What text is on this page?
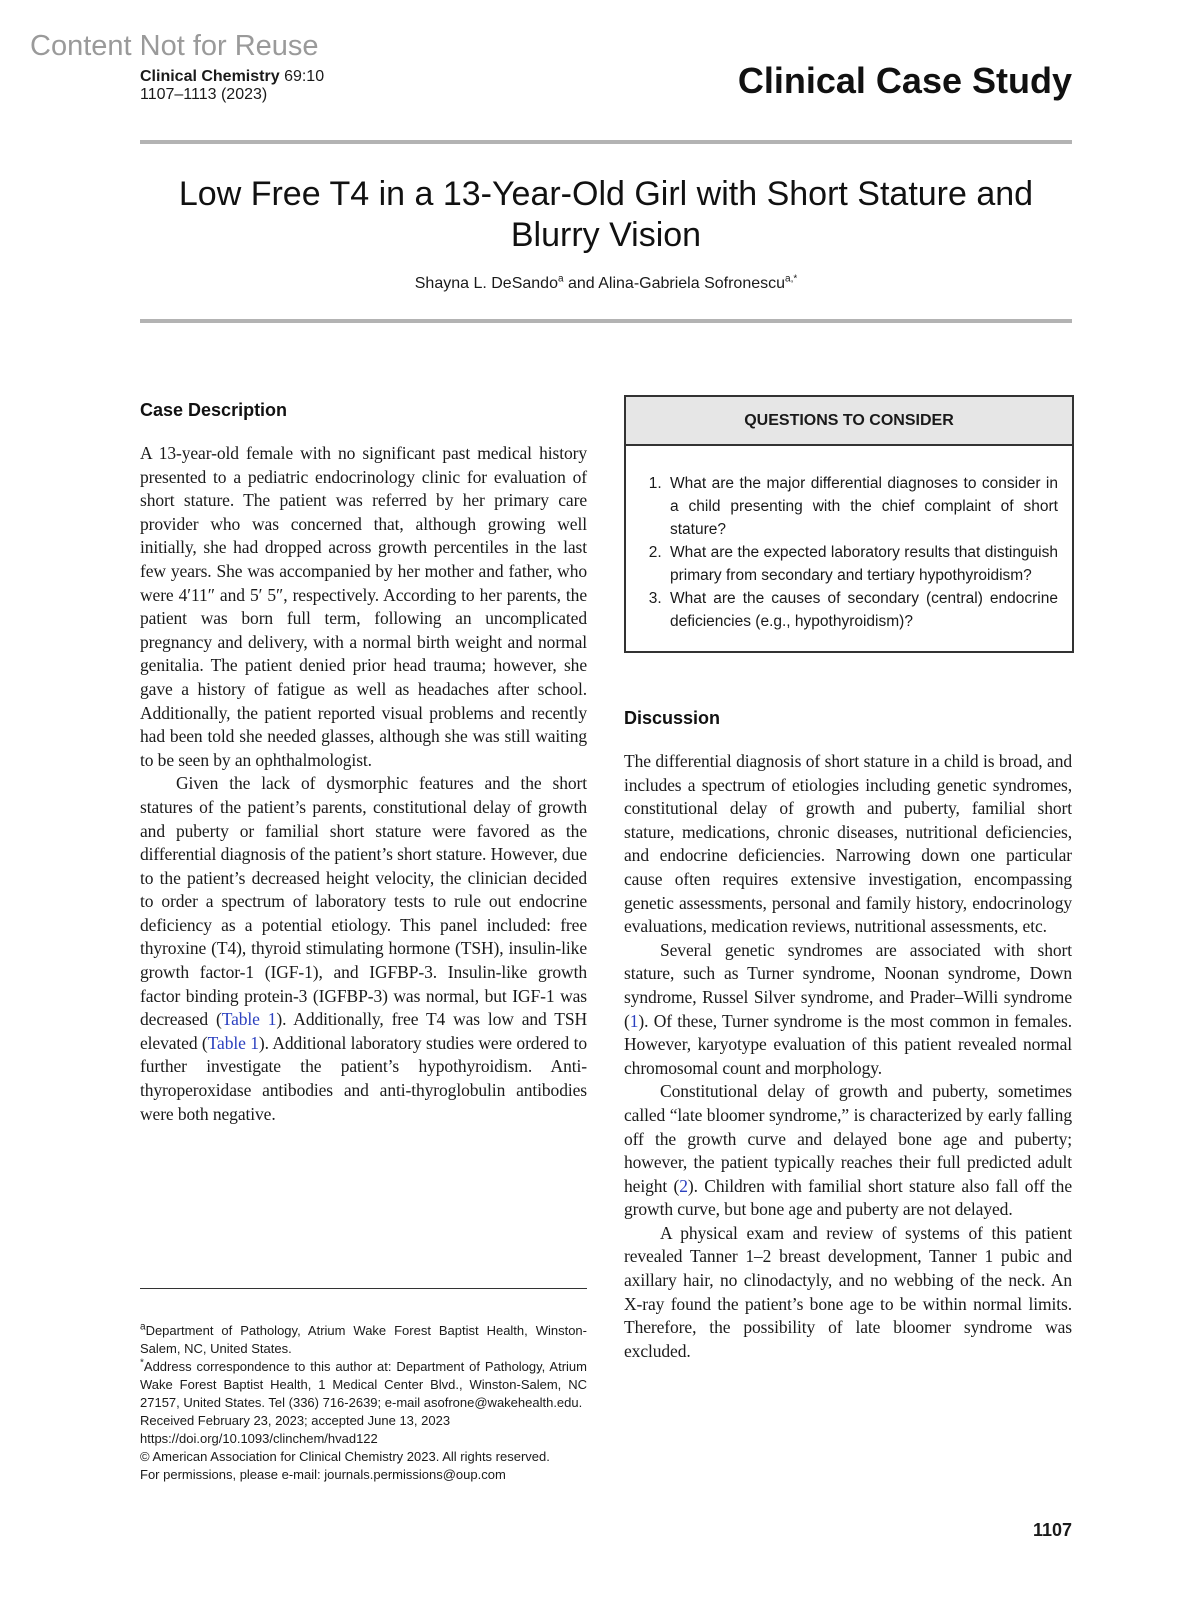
Content Not for Reuse
Clinical Chemistry 69:10
1107–1113 (2023)	Clinical Case Study
Low Free T4 in a 13-Year-Old Girl with Short Stature and Blurry Vision
Shayna L. DeSando$^a$ and Alina-Gabriela Sofronescu$^{a,*}$
Case Description

A 13-year-old female with no significant past medical history presented to a pediatric endocrinology clinic for evaluation of short stature. The patient was referred by her primary care provider who was concerned that, although growing well initially, she had dropped across growth percentiles in the last few years. She was accompanied by her mother and father, who were 4′11″ and 5′ 5″, respectively. According to her parents, the patient was born full term, following an uncomplicated pregnancy and delivery, with a normal birth weight and normal genitalia. The patient denied prior head trauma; however, she gave a history of fatigue as well as headaches after school. Additionally, the patient reported visual problems and recently had been told she needed glasses, although she was still waiting to be seen by an ophthalmologist.

Given the lack of dysmorphic features and the short statures of the patient’s parents, constitutional delay of growth and puberty or familial short stature were favored as the differential diagnosis of the patient’s short stature. However, due to the patient’s decreased height velocity, the clinician decided to order a spectrum of laboratory tests to rule out endocrine deficiency as a potential etiology. This panel included: free thyroxine (T4), thyroid stimulating hormone (TSH), insulin-like growth factor-1 (IGF-1), and IGFBP-3. Insulin-like growth factor binding protein-3 (IGFBP-3) was normal, but IGF-1 was decreased (Table 1). Additionally, free T4 was low and TSH elevated (Table 1). Additional laboratory studies were ordered to further investigate the patient’s hypothyroidism. Anti-thyroperoxidase antibodies and anti-thyroglobulin antibodies were both negative.

QUESTIONS TO CONSIDER
1. What are the major differential diagnoses to consider in a child presenting with the chief complaint of short stature?
2. What are the expected laboratory results that distinguish primary from secondary and tertiary hypothyroidism?
3. What are the causes of secondary (central) endocrine deficiencies (e.g., hypothyroidism)?
Discussion

The differential diagnosis of short stature in a child is broad, and includes a spectrum of etiologies including genetic syndromes, constitutional delay of growth and puberty, familial short stature, medications, chronic diseases, nutritional deficiencies, and endocrine deficiencies. Narrowing down one particular cause often requires extensive investigation, encompassing genetic assessments, personal and family history, endocrinology evaluations, medication reviews, nutritional assessments, etc.

Several genetic syndromes are associated with short stature, such as Turner syndrome, Noonan syndrome, Down syndrome, Russel Silver syndrome, and Prader–Willi syndrome (1). Of these, Turner syndrome is the most common in females. However, karyotype evaluation of this patient revealed normal chromosomal count and morphology.

Constitutional delay of growth and puberty, sometimes called “late bloomer syndrome,” is characterized by early falling off the growth curve and delayed bone age and puberty; however, the patient typically reaches their full predicted adult height (2). Children with familial short stature also fall off the growth curve, but bone age and puberty are not delayed.

A physical exam and review of systems of this patient revealed Tanner 1–2 breast development, Tanner 1 pubic and axillary hair, no clinodactyly, and no webbing of the neck. An X-ray found the patient’s bone age to be within normal limits. Therefore, the possibility of late bloomer syndrome was excluded.

$^a$Department of Pathology, Atrium Wake Forest Baptist Health, Winston-Salem, NC, United States.

*Address correspondence to this author at: Department of Pathology, Atrium Wake Forest Baptist Health, 1 Medical Center Blvd., Winston-Salem, NC 27157, United States. Tel (336) 716-2639; e-mail asofrone@wakehealth.edu.

Received February 23, 2023; accepted June 13, 2023

https://doi.org/10.1093/clinchem/hvad122

© American Association for Clinical Chemistry 2023. All rights reserved.

For permissions, please e-mail: journals.permissions@oup.com

1107
